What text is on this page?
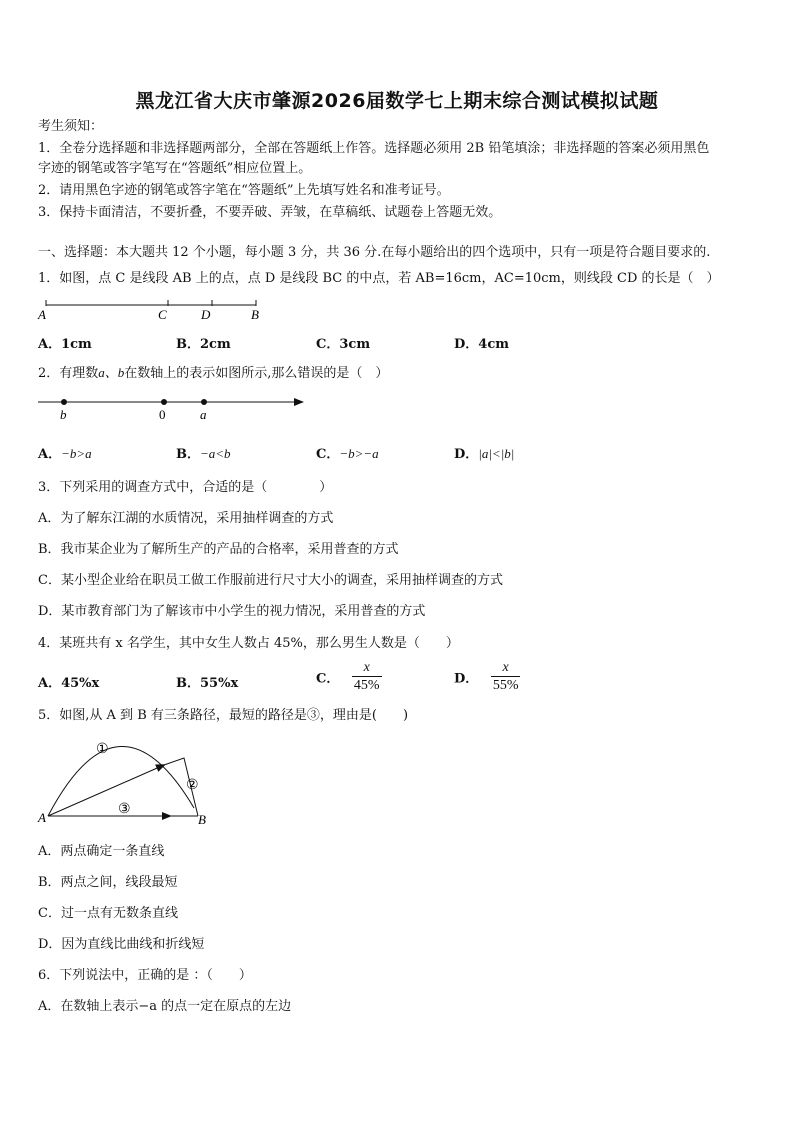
黑龙江省大庆市肇源2026届数学七上期末综合测试模拟试题
考生须知：
1．全卷分选择题和非选择题两部分，全部在答题纸上作答。选择题必须用 2B 铅笔填涂；非选择题的答案必须用黑色
字迹的钢笔或答字笔写在“答题纸”相应位置上。
2．请用黑色字迹的钢笔或答字笔在“答题纸”上先填写姓名和准考证号。
3．保持卡面清洁，不要折叠，不要弄破、弄皱，在草稿纸、试题卷上答题无效。
一、选择题：本大题共 12 个小题，每小题 3 分，共 36 分.在每小题给出的四个选项中，只有一项是符合题目要求的.
1．如图，点 C 是线段 AB 上的点，点 D 是线段 BC 的中点，若 AB=16cm，AC=10cm，则线段 CD 的长是（　）
A	C	D	B
A．1cm	B．2cm	C．3cm	D．4cm
2．有理数a、b在数轴上的表示如图所示,那么错误的是（　）
b	0	a
A．−b>a	B．−a<b	C．−b>−a	D．|a|<|b|
3．下列采用的调查方式中，合适的是（　　　　）
A．为了解东江湖的水质情况，采用抽样调查的方式
B．我市某企业为了解所生产的产品的合格率，采用普查的方式
C．某小型企业给在职员工做工作服前进行尺寸大小的调查，采用抽样调查的方式
D．某市教育部门为了解该市中小学生的视力情况，采用普查的方式
4．某班共有 x 名学生，其中女生人数占 45%，那么男生人数是（　　）
A．45%x	B．55%x	C． $\frac{x}{45\%}$	D． $\frac{x}{55\%}$
5．如图,从 A 到 B 有三条路径，最短的路径是③，理由是(　　)
A	B
①
②
③
A．两点确定一条直线
B．两点之间，线段最短
C．过一点有无数条直线
D．因为直线比曲线和折线短
6．下列说法中，正确的是 ：（　　）
A．在数轴上表示−a 的点一定在原点的左边
